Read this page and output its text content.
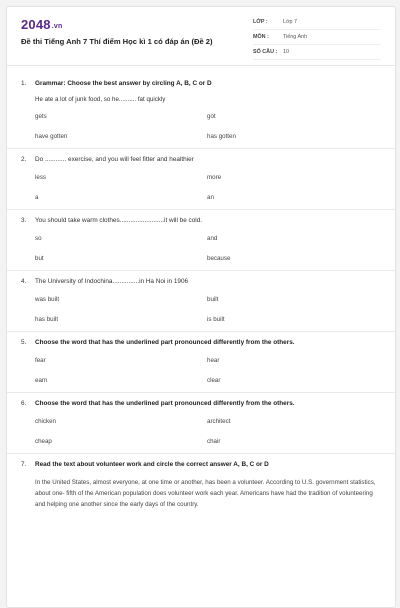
2048.vn
Đề thi Tiếng Anh 7 Thí điểm Học kì 1 có đáp án (Đề 2)
LỚP :	Lớp 7
MÔN :	Tiếng Anh
SỐ CÂU :	10
1.	Grammar: Choose the best answer by circling A, B, C or D
He ate a lot of junk food, so he.......... fat quickly
gets	got
have gotten	has gotten
2.	Do ............ exercise, and you will feel fitter and healthier
less	more
a	an
3.	You should take warm clothes.........................it will be cold.
so	and
but	because
4.	The University of Indochina...............in Ha Noi in 1906
was built	built
has built	is built
5.	Choose the word that has the underlined part pronounced differently from the others.
fear	hear
earn	clear
6.	Choose the word that has the underlined part pronounced differently from the others.
chicken	architect
cheap	chair
7.	Read the text about volunteer work and circle the correct answer A, B, C or D
In the United States, almost everyone, at one time or another, has been a volunteer. According to U.S. government statistics, about one- fifth of the American population does volunteer work each year. Americans have had the tradition of volunteering and helping one another since the early days of the country.
